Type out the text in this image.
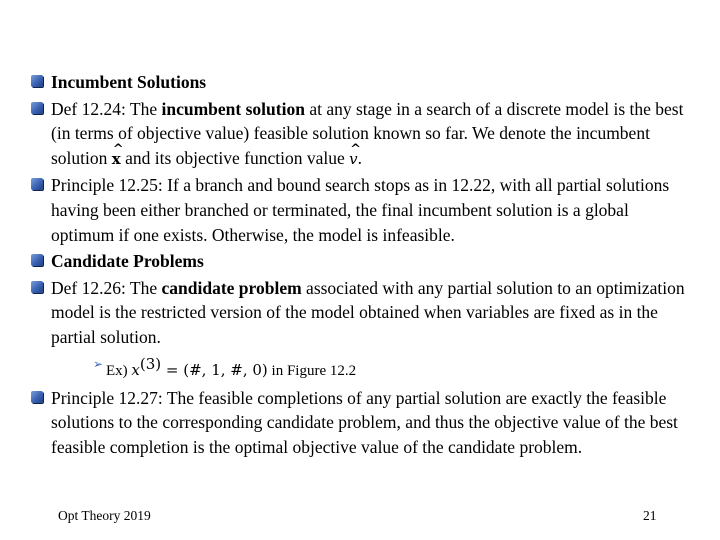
Incumbent Solutions
Def 12.24: The incumbent solution at any stage in a search of a discrete model is the best (in terms of objective value) feasible solution known so far. We denote the incumbent solution ^ x and its objective function value ^ v.
Principle 12.25: If a branch and bound search stops as in 12.22, with all partial solutions having been either branched or terminated, the final incumbent solution is a global optimum if one exists. Otherwise, the model is infeasible.
Candidate Problems
Def 12.26: The candidate problem associated with any partial solution to an optimization model is the restricted version of the model obtained when variables are fixed as in the partial solution.
➢ Ex) $x^{(3)}$ = (#, 1, #, 0) in Figure 12.2
Principle 12.27: The feasible completions of any partial solution are exactly the feasible solutions to the corresponding candidate problem, and thus the objective value of the best feasible completion is the optimal objective value of the candidate problem.
Opt Theory 2019	21
